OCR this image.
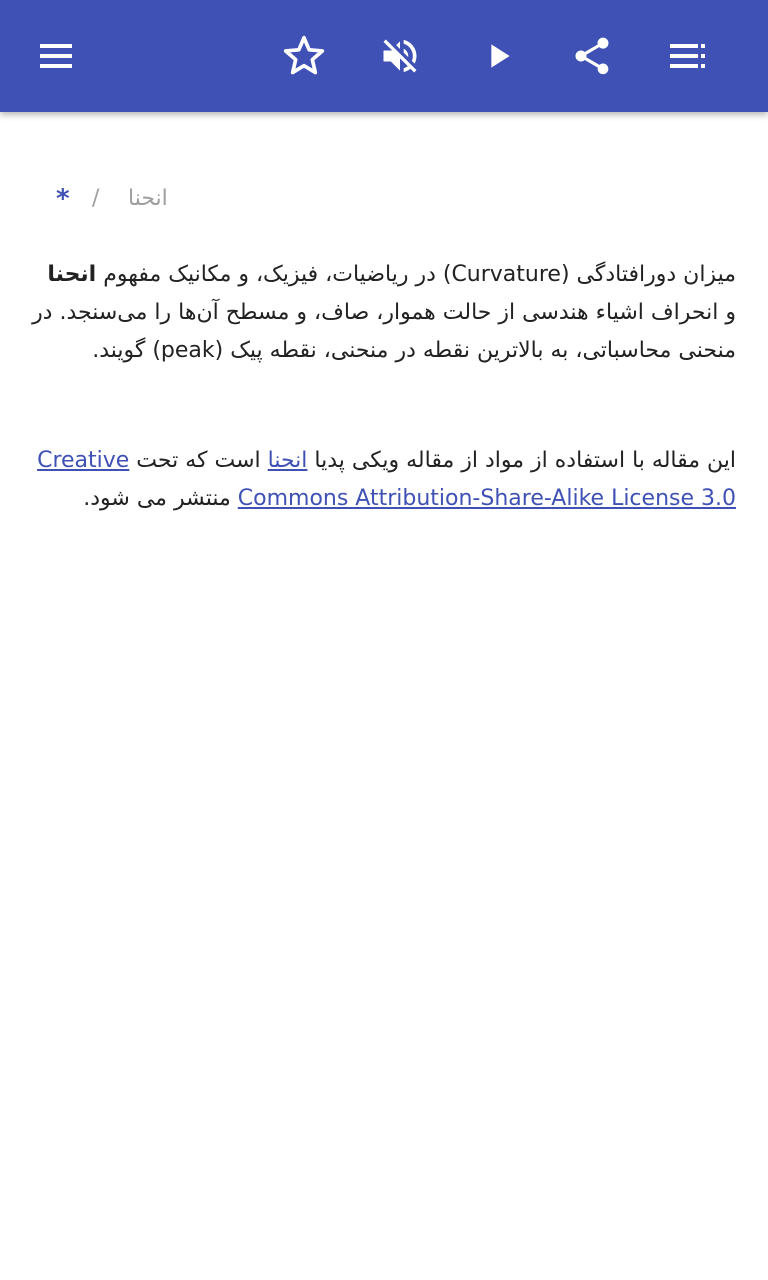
* / انحنا

میزان دورافتادگی (Curvature) در ریاضیات، فیزیک، و مکانیک مفهوم انحنا و انحراف اشیاء هندسی از حالت هموار، صاف، و مسطح آن‌ها را می‌سنجد. در منحنی محاسباتی، به بالاترین نقطه در منحنی، نقطه پیک (peak) گویند.

این مقاله با استفاده از مواد از مقاله ویکی پدیا انحنا است که تحت Creative Commons Attribution-Share-Alike License 3.0 منتشر می شود.
